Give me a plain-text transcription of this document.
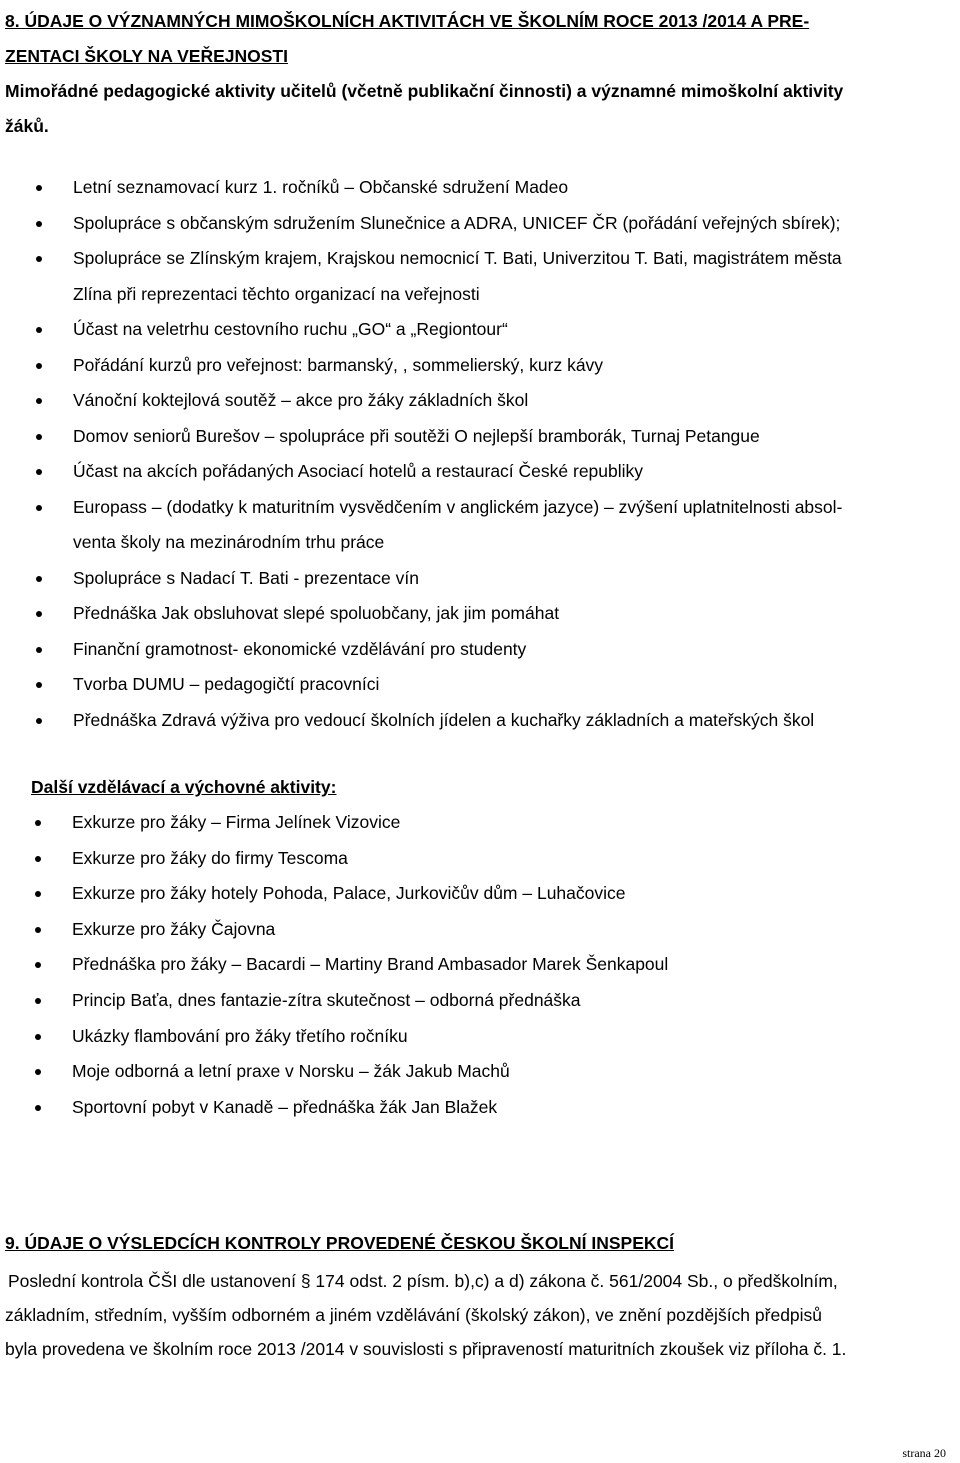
8. ÚDAJE O VÝZNAMNÝCH MIMOŠKOLNÍCH AKTIVITÁCH VE ŠKOLNÍM ROCE 2013 /2014 A PRE-
ZENTACI ŠKOLY NA VEŘEJNOSTI
Mimořádné pedagogické aktivity učitelů (včetně publikační činnosti) a významné mimoškolní aktivity
žáků.
Letní seznamovací kurz 1. ročníků – Občanské sdružení Madeo
Spolupráce s občanským sdružením Slunečnice a ADRA, UNICEF ČR (pořádání veřejných sbírek);
Spolupráce se Zlínským krajem, Krajskou nemocnicí T. Bati, Univerzitou T. Bati, magistrátem města
Zlína při reprezentaci těchto organizací na veřejnosti
Účast na veletrhu cestovního ruchu „GO“ a „Regiontour“
Pořádání kurzů pro veřejnost: barmanský, , sommelierský, kurz kávy
Vánoční koktejlová soutěž – akce pro žáky základních škol
Domov seniorů Burešov – spolupráce při soutěži O nejlepší bramborák, Turnaj Petangue
Účast na akcích pořádaných Asociací hotelů a restaurací České republiky
Europass – (dodatky k maturitním vysvědčením v anglickém jazyce) – zvýšení uplatnitelnosti absol-
venta školy na mezinárodním trhu práce
Spolupráce s Nadací T. Bati - prezentace vín
Přednáška Jak obsluhovat slepé spoluobčany, jak jim pomáhat
Finanční gramotnost- ekonomické vzdělávání pro studenty
Tvorba DUMU – pedagogičtí pracovníci
Přednáška Zdravá výživa pro vedoucí školních jídelen a kuchařky základních a mateřských škol
Další vzdělávací a výchovné aktivity:
Exkurze pro žáky – Firma Jelínek Vizovice
Exkurze pro žáky do firmy Tescoma
Exkurze pro žáky hotely Pohoda, Palace, Jurkovičův dům – Luhačovice
Exkurze pro žáky Čajovna
Přednáška pro žáky – Bacardi – Martiny Brand Ambasador Marek Šenkapoul
Princip Baťa, dnes fantazie-zítra skutečnost – odborná přednáška
Ukázky flambování pro žáky třetího ročníku
Moje odborná a letní praxe v Norsku – žák Jakub Machů
Sportovní pobyt v Kanadě – přednáška žák Jan Blažek
9. ÚDAJE O VÝSLEDCÍCH KONTROLY PROVEDENÉ ČESKOU ŠKOLNÍ INSPEKCÍ
Poslední kontrola ČŠI dle ustanovení § 174 odst. 2 písm. b),c) a d) zákona č. 561/2004 Sb., o předškolním,
základním, středním, vyšším odborném a jiném vzdělávání (školský zákon), ve znění pozdějších předpisů
byla provedena ve školním roce 2013 /2014 v souvislosti s připraveností maturitních zkoušek viz příloha č. 1.
strana 20
